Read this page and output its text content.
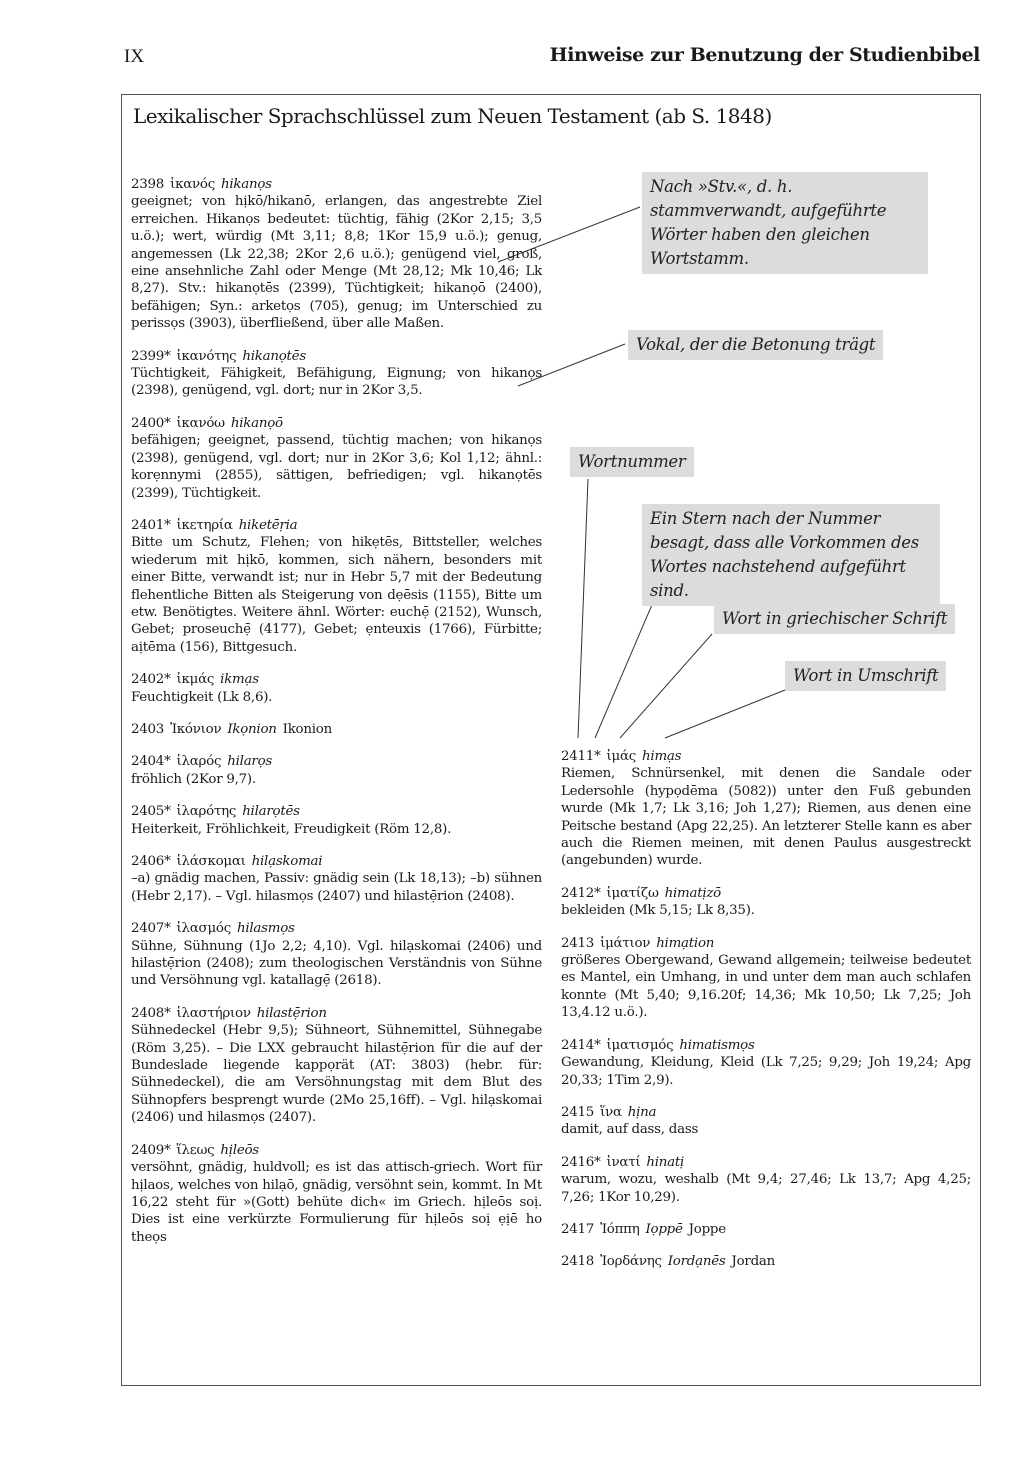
IX	Hinweise zur Benutzung der Studienbibel
Lexikalischer Sprachschlüssel zum Neuen Testament (ab S. 1848)
2398 ἱκανός hikanọs
geeignet; von hịkō/hikanō, erlangen, das angestrebte Ziel erreichen. Hikanọs bedeutet: tüchtig, fähig (2Kor 2,15; 3,5 u.ö.); wert, würdig (Mt 3,11; 8,8; 1Kor 15,9 u.ö.); genug, angemessen (Lk 22,38; 2Kor 2,6 u.ö.); genügend viel, groß, eine ansehnliche Zahl oder Menge (Mt 28,12; Mk 10,46; Lk 8,27). Stv.: hikanọtēs (2399), Tüchtigkeit; hikanọō (2400), befähigen; Syn.: arketọs (705), genug; im Unterschied zu perissọs (3903), überfließend, über alle Maßen.
2399* ἱκανότης hikanọtēs
Tüchtigkeit, Fähigkeit, Befähigung, Eignung; von hikanọs (2398), genügend, vgl. dort; nur in 2Kor 3,5.
2400* ἱκανόω hikanọō
befähigen; geeignet, passend, tüchtig machen; von hikanọs (2398), genügend, vgl. dort; nur in 2Kor 3,6; Kol 1,12; ähnl.: korẹnnymi (2855), sättigen, befriedigen; vgl. hikanọtēs (2399), Tüchtigkeit.
2401* ἱκετηρία hiketēṛia
Bitte um Schutz, Flehen; von hikẹtēs, Bittsteller, welches wiederum mit hịkō, kommen, sich nähern, besonders mit einer Bitte, verwandt ist; nur in Hebr 5,7 mit der Bedeutung flehentliche Bitten als Steigerung von dẹēsis (1155), Bitte um etw. Benötigtes. Weitere ähnl. Wörter: euchẹ̄ (2152), Wunsch, Gebet; proseuchẹ̄ (4177), Gebet; ẹnteuxis (1766), Fürbitte; aịtēma (156), Bittgesuch.
2402* ἰκμάς ikmạs
Feuchtigkeit (Lk 8,6).
2403 Ἰκόνιον Ikọnion Ikonion
2404* ἱλαρός hilarọs
fröhlich (2Kor 9,7).
2405* ἱλαρότης hilarọtēs
Heiterkeit, Fröhlichkeit, Freudigkeit (Röm 12,8).
2406* ἱλάσκομαι hilạskomai
–a) gnädig machen, Passiv: gnädig sein (Lk 18,13); –b) sühnen (Hebr 2,17). – Vgl. hilasmọs (2407) und hilastẹ̄rion (2408).
2407* ἱλασμός hilasmọs
Sühne, Sühnung (1Jo 2,2; 4,10). Vgl. hilạskomai (2406) und hilastẹ̄rion (2408); zum theologischen Verständnis von Sühne und Versöhnung vgl. katallagẹ̄ (2618).
2408* ἱλαστήριον hilastẹ̄rion
Sühnedeckel (Hebr 9,5); Sühneort, Sühnemittel, Sühnegabe (Röm 3,25). – Die LXX gebraucht hilastẹ̄rion für die auf der Bundeslade liegende kappọrät (AT: 3803) (hebr. für: Sühnedeckel), die am Versöhnungstag mit dem Blut des Sühnopfers besprengt wurde (2Mo 25,16ff). – Vgl. hilạskomai (2406) und hilasmọs (2407).
2409* ἵλεως hịleōs
versöhnt, gnädig, huldvoll; es ist das attisch-griech. Wort für hịlaos, welches von hilạō, gnädig, versöhnt sein, kommt. In Mt 16,22 steht für »(Gott) behüte dich« im Griech. hịleōs soị. Dies ist eine verkürzte Formulierung für hịleōs soị ẹịē ho theọs
2411* ἱμάς himạs
Riemen, Schnürsenkel, mit denen die Sandale oder Ledersohle (hypọdēma (5082)) unter den Fuß gebunden wurde (Mk 1,7; Lk 3,16; Joh 1,27); Riemen, aus denen eine Peitsche bestand (Apg 22,25). An letzterer Stelle kann es aber auch die Riemen meinen, mit denen Paulus ausgestreckt (angebunden) wurde.
2412* ἱματίζω himatịzō
bekleiden (Mk 5,15; Lk 8,35).
2413 ἱμάτιον himạtion
größeres Obergewand, Gewand allgemein; teilweise bedeutet es Mantel, ein Umhang, in und unter dem man auch schlafen konnte (Mt 5,40; 9,16.20f; 14,36; Mk 10,50; Lk 7,25; Joh 13,4.12 u.ö.).
2414* ἱματισμός himatismọs
Gewandung, Kleidung, Kleid (Lk 7,25; 9,29; Joh 19,24; Apg 20,33; 1Tim 2,9).
2415 ἵνα hịna
damit, auf dass, dass
2416* ἱνατί hinatị
warum, wozu, weshalb (Mt 9,4; 27,46; Lk 13,7; Apg 4,25; 7,26; 1Kor 10,29).
2417 Ἰόππη Iọppē Joppe
2418 Ἰορδάνης Iordạnēs Jordan
Nach »Stv.«, d. h. stammverwandt, aufgeführte Wörter haben den gleichen Wortstamm.
Vokal, der die Betonung trägt
Wortnummer
Ein Stern nach der Nummer besagt, dass alle Vorkommen des Wortes nachstehend aufgeführt sind.
Wort in griechischer Schrift
Wort in Umschrift
